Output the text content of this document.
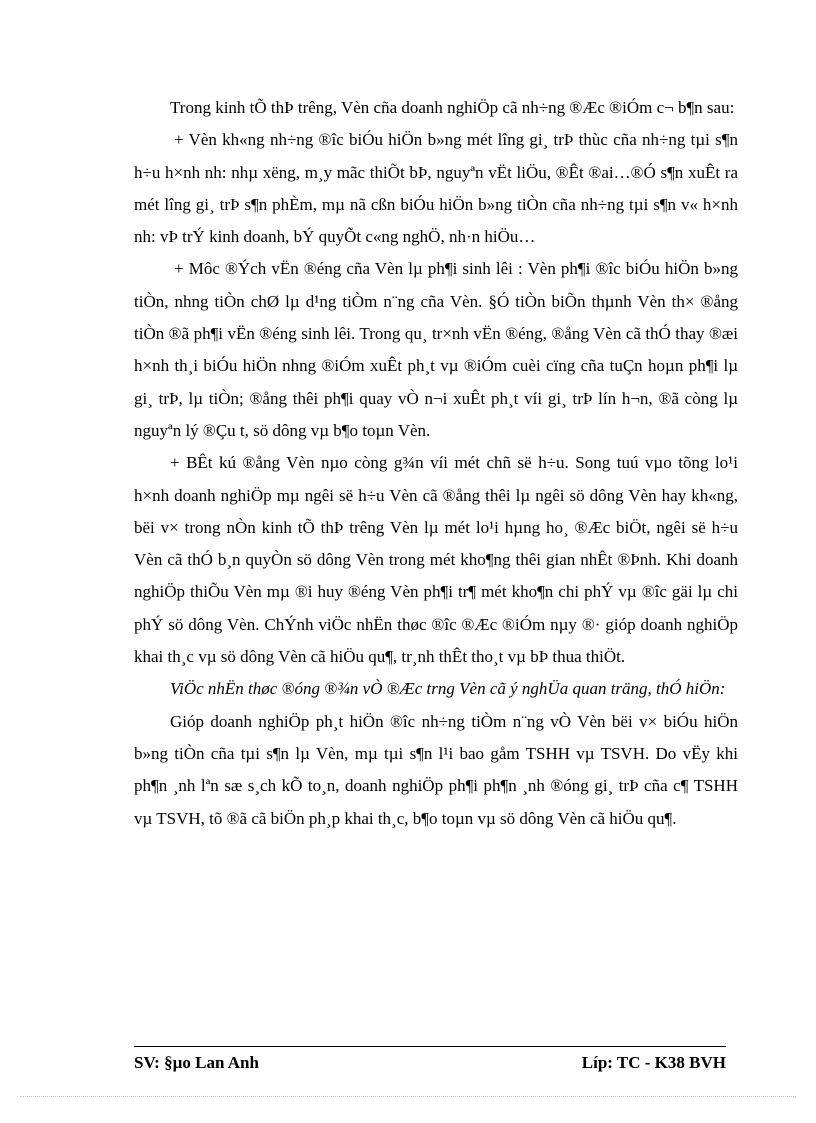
Trong kinh tÕ thÞ trêng, Vèn cña doanh nghiÖp cã nh÷ng ®Æc ®iÓm c¬ b¶n sau:

+ Vèn kh«ng nh÷ng ®îc biÓu hiÖn b»ng mét lîng gi¸ trÞ thùc cña nh÷ng tµi s¶n h÷u h×nh nh: nhµ xëng, m¸y mãc thiÕt bÞ, nguyªn vËt liÖu, ®Êt ®ai…®Ó s¶n xuÊt ra mét lîng gi¸ trÞ s¶n phÈm, mµ nã cßn biÓu hiÖn b»ng tiÒn cña nh÷ng tµi s¶n v« h×nh nh: vÞ trÝ kinh doanh, bÝ quyÕt c«ng nghÖ, nh·n hiÖu…

+ Môc ®Ých vËn ®éng cña Vèn lµ ph¶i sinh lêi : Vèn ph¶i ®îc biÓu hiÖn b»ng tiÒn, nhng tiÒn chØ lµ d¹ng tiÒm n¨ng cña Vèn. §Ó tiÒn biÕn thµnh Vèn th× ®ång tiÒn ®ã ph¶i vËn ®éng sinh lêi. Trong qu¸ tr×nh vËn ®éng, ®ång Vèn cã thÓ thay ®æi h×nh th¸i biÓu hiÖn nhng ®iÓm xuÊt ph¸t vµ ®iÓm cuèi cïng cña tuÇn hoµn ph¶i lµ gi¸ trÞ, lµ tiÒn; ®ång thêi ph¶i quay vÒ n¬i xuÊt ph¸t víi gi¸ trÞ lín h¬n, ®ã còng lµ nguyªn lý ®Çu t, sö dông vµ b¶o toµn Vèn.

+ BÊt kú ®ång Vèn nµo còng g¾n víi mét chñ së h÷u. Song tuú vµo tõng lo¹i h×nh doanh nghiÖp mµ ngêi së h÷u Vèn cã ®ång thêi lµ ngêi sö dông Vèn hay kh«ng, bëi v× trong nÒn kinh tÕ thÞ trêng Vèn lµ mét lo¹i hµng ho¸ ®Æc biÖt, ngêi së h÷u Vèn cã thÓ b¸n quyÒn sö dông Vèn trong mét kho¶ng thêi gian nhÊt ®Þnh. Khi doanh nghiÖp thiÕu Vèn mµ ®i huy ®éng Vèn ph¶i tr¶ mét kho¶n chi phÝ vµ ®îc gäi lµ chi phÝ sö dông Vèn. ChÝnh viÖc nhËn thøc ®îc ®Æc ®iÓm nµy ®· gióp doanh nghiÖp khai th¸c vµ sö dông Vèn cã hiÖu qu¶, tr¸nh thÊt tho¸t vµ bÞ thua thiÖt.

ViÖc nhËn thøc ®óng ®¾n vÒ ®Æc trng Vèn cã ý nghÜa quan träng, thÓ hiÖn:

Gióp doanh nghiÖp ph¸t hiÖn ®îc nh÷ng tiÒm n¨ng vÒ Vèn bëi v× biÓu hiÖn b»ng tiÒn cña tµi s¶n lµ Vèn, mµ tµi s¶n l¹i bao gåm TSHH vµ TSVH. Do vËy khi ph¶n ¸nh lªn sæ s¸ch kÕ to¸n, doanh nghiÖp ph¶i ph¶n ¸nh ®óng gi¸ trÞ cña c¶ TSHH vµ TSVH, tõ ®ã cã biÖn ph¸p khai th¸c, b¶o toµn vµ sö dông Vèn cã hiÖu qu¶.

SV: §µo Lan Anh	Líp: TC - K38 BVH
